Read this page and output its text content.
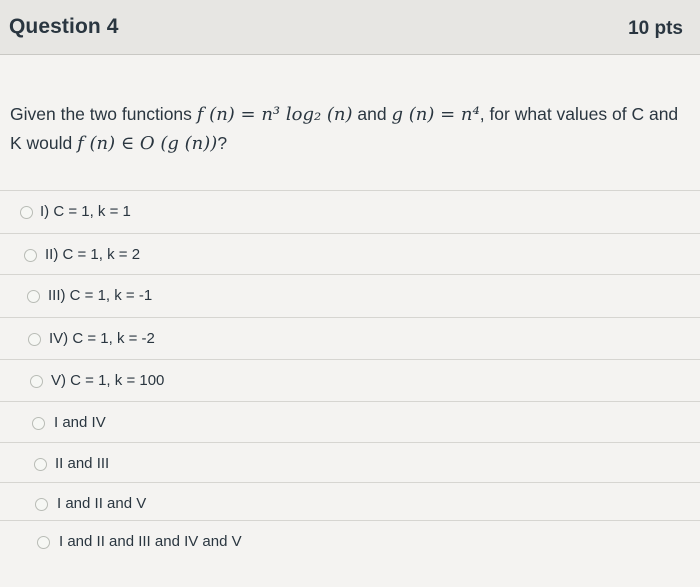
Question 4	10 pts
Given the two functions f (n) = n³ log₂ (n) and g (n) = n⁴, for what values of C and
K would f (n) ∈ O (g (n))?
I) C = 1, k = 1
II) C = 1, k = 2
III) C = 1, k = -1
IV) C = 1, k = -2
V) C = 1, k = 100
I and IV
II and III
I and II and V
I and II and III and IV and V
